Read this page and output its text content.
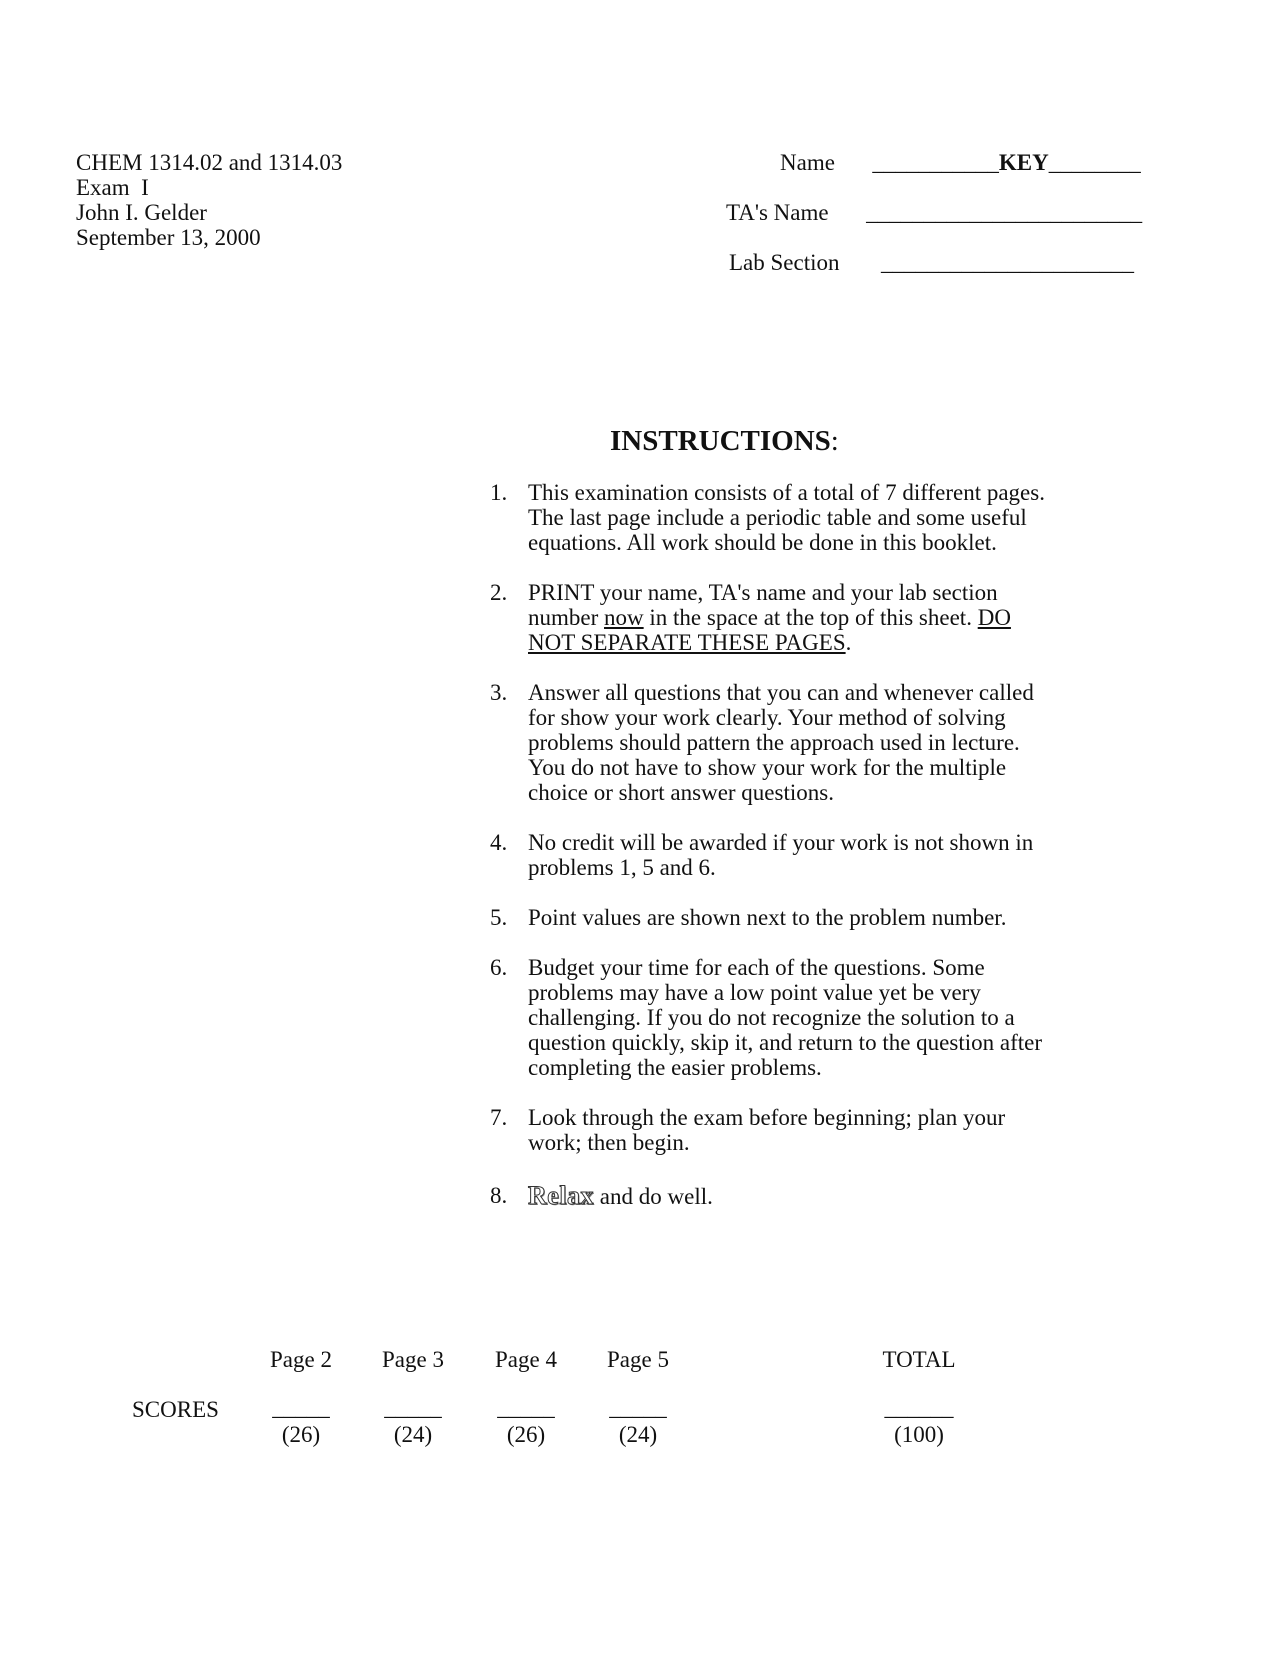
CHEM 1314.02 and 1314.03
Exam  I
John I. Gelder
September 13, 2000
Name ___________KEY________
TA's Name ________________________
Lab Section ______________________
INSTRUCTIONS:
1. This examination consists of a total of 7 different pages.
The last page include a periodic table and some useful
equations. All work should be done in this booklet.
2. PRINT your name, TA's name and your lab section
number now in the space at the top of this sheet. DO
NOT SEPARATE THESE PAGES.
3. Answer all questions that you can and whenever called
for show your work clearly. Your method of solving
problems should pattern the approach used in lecture.
You do not have to show your work for the multiple
choice or short answer questions.
4. No credit will be awarded if your work is not shown in
problems 1, 5 and 6.
5. Point values are shown next to the problem number.
6. Budget your time for each of the questions. Some
problems may have a low point value yet be very
challenging. If you do not recognize the solution to a
question quickly, skip it, and return to the question after
completing the easier problems.
7. Look through the exam before beginning; plan your
work; then begin.
8. Relax and do well.
SCORES
Page 2
_____
(26)
Page 3
_____
(24)
Page 4
_____
(26)
Page 5
_____
(24)
TOTAL
______
(100)
